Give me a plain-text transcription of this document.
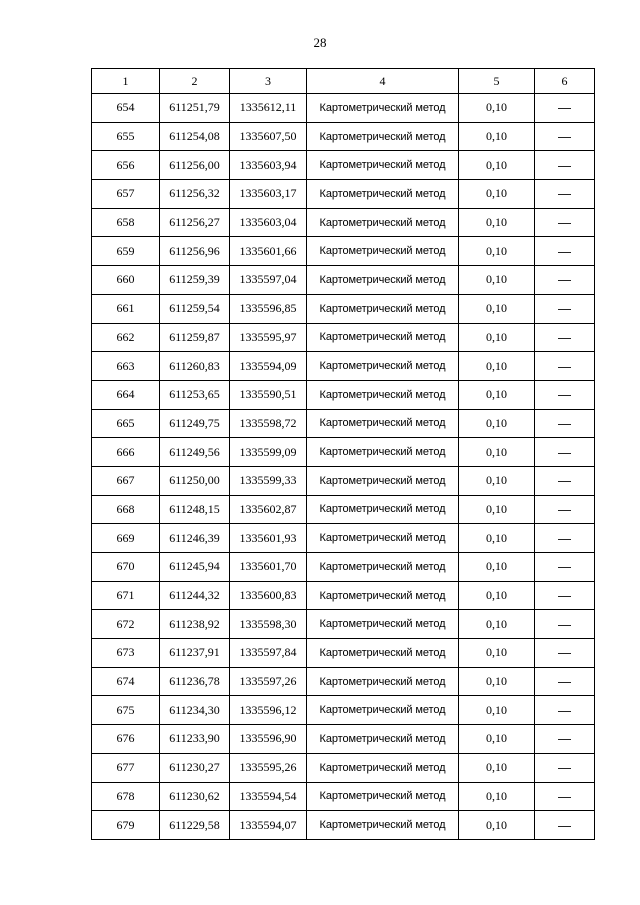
28
1	2	3	4	5	6
654	611251,79	1335612,11	Картометрический метод	0,10	—
655	611254,08	1335607,50	Картометрический метод	0,10	—
656	611256,00	1335603,94	Картометрический метод	0,10	—
657	611256,32	1335603,17	Картометрический метод	0,10	—
658	611256,27	1335603,04	Картометрический метод	0,10	—
659	611256,96	1335601,66	Картометрический метод	0,10	—
660	611259,39	1335597,04	Картометрический метод	0,10	—
661	611259,54	1335596,85	Картометрический метод	0,10	—
662	611259,87	1335595,97	Картометрический метод	0,10	—
663	611260,83	1335594,09	Картометрический метод	0,10	—
664	611253,65	1335590,51	Картометрический метод	0,10	—
665	611249,75	1335598,72	Картометрический метод	0,10	—
666	611249,56	1335599,09	Картометрический метод	0,10	—
667	611250,00	1335599,33	Картометрический метод	0,10	—
668	611248,15	1335602,87	Картометрический метод	0,10	—
669	611246,39	1335601,93	Картометрический метод	0,10	—
670	611245,94	1335601,70	Картометрический метод	0,10	—
671	611244,32	1335600,83	Картометрический метод	0,10	—
672	611238,92	1335598,30	Картометрический метод	0,10	—
673	611237,91	1335597,84	Картометрический метод	0,10	—
674	611236,78	1335597,26	Картометрический метод	0,10	—
675	611234,30	1335596,12	Картометрический метод	0,10	—
676	611233,90	1335596,90	Картометрический метод	0,10	—
677	611230,27	1335595,26	Картометрический метод	0,10	—
678	611230,62	1335594,54	Картометрический метод	0,10	—
679	611229,58	1335594,07	Картометрический метод	0,10	—
